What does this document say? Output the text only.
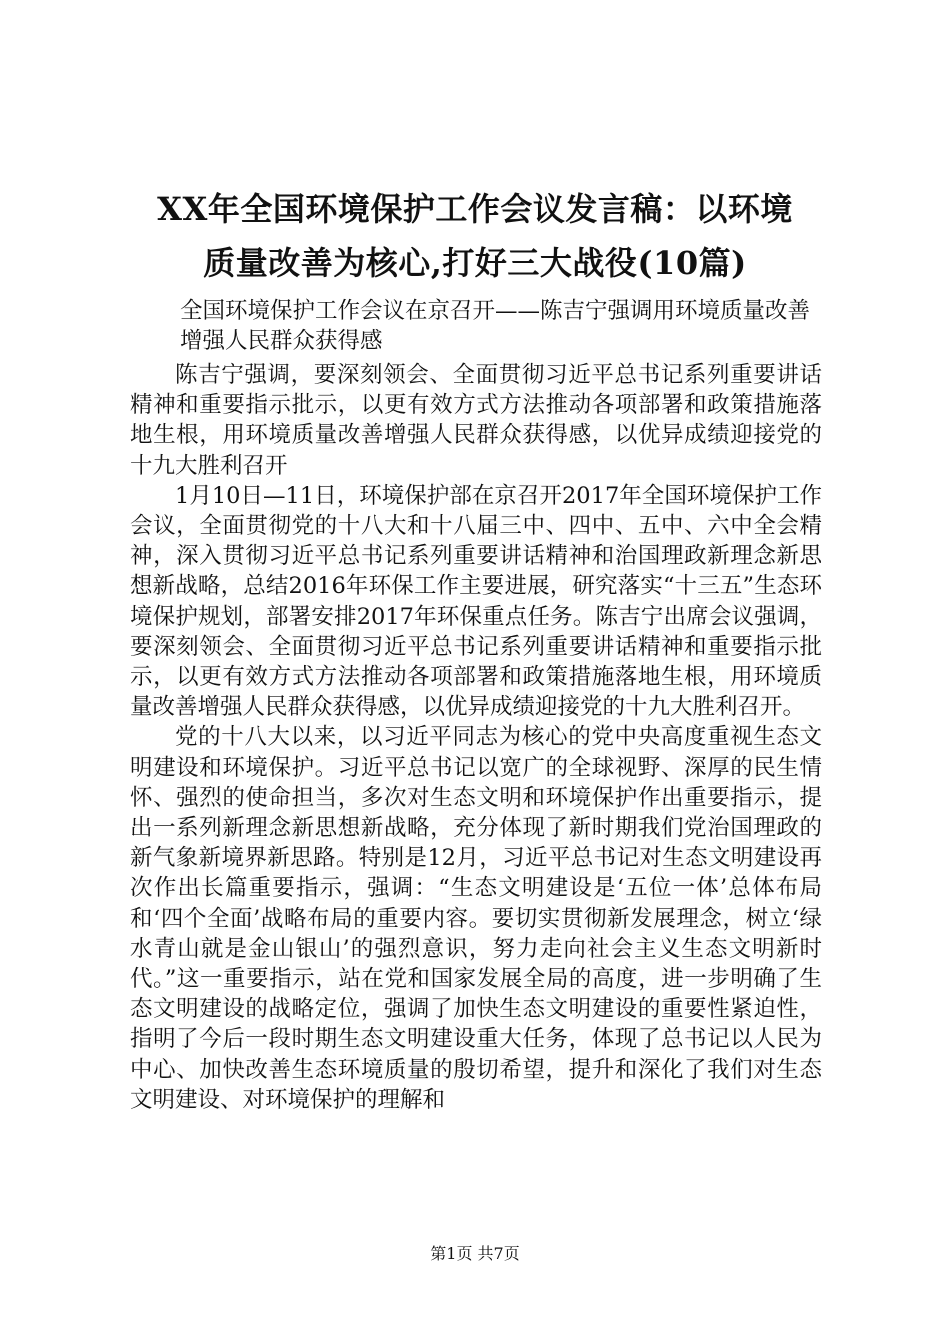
XX年全国环境保护工作会议发言稿：以环境
质量改善为核心,打好三大战役(10篇)
全国环境保护工作会议在京召开——陈吉宁强调用环境质量改善增强人民群众获得感

陈吉宁强调，要深刻领会、全面贯彻习近平总书记系列重要讲话精神和重要指示批示，以更有效方式方法推动各项部署和政策措施落地生根，用环境质量改善增强人民群众获得感，以优异成绩迎接党的十九大胜利召开

1月10日—11日，环境保护部在京召开2017年全国环境保护工作会议，全面贯彻党的十八大和十八届三中、四中、五中、六中全会精神，深入贯彻习近平总书记系列重要讲话精神和治国理政新理念新思想新战略，总结2016年环保工作主要进展，研究落实“十三五”生态环境保护规划，部署安排2017年环保重点任务。陈吉宁出席会议强调，要深刻领会、全面贯彻习近平总书记系列重要讲话精神和重要指示批示，以更有效方式方法推动各项部署和政策措施落地生根，用环境质量改善增强人民群众获得感，以优异成绩迎接党的十九大胜利召开。

党的十八大以来，以习近平同志为核心的党中央高度重视生态文明建设和环境保护。习近平总书记以宽广的全球视野、深厚的民生情怀、强烈的使命担当，多次对生态文明和环境保护作出重要指示，提出一系列新理念新思想新战略，充分体现了新时期我们党治国理政的新气象新境界新思路。特别是12月，习近平总书记对生态文明建设再次作出长篇重要指示，强调：“生态文明建设是‘五位一体’总体布局和‘四个全面’战略布局的重要内容。要切实贯彻新发展理念，树立‘绿水青山就是金山银山’的强烈意识，努力走向社会主义生态文明新时代。”这一重要指示，站在党和国家发展全局的高度，进一步明确了生态文明建设的战略定位，强调了加快生态文明建设的重要性紧迫性，指明了今后一段时期生态文明建设重大任务，体现了总书记以人民为中心、加快改善生态环境质量的殷切希望，提升和深化了我们对生态文明建设、对环境保护的理解和

第1页 共7页
